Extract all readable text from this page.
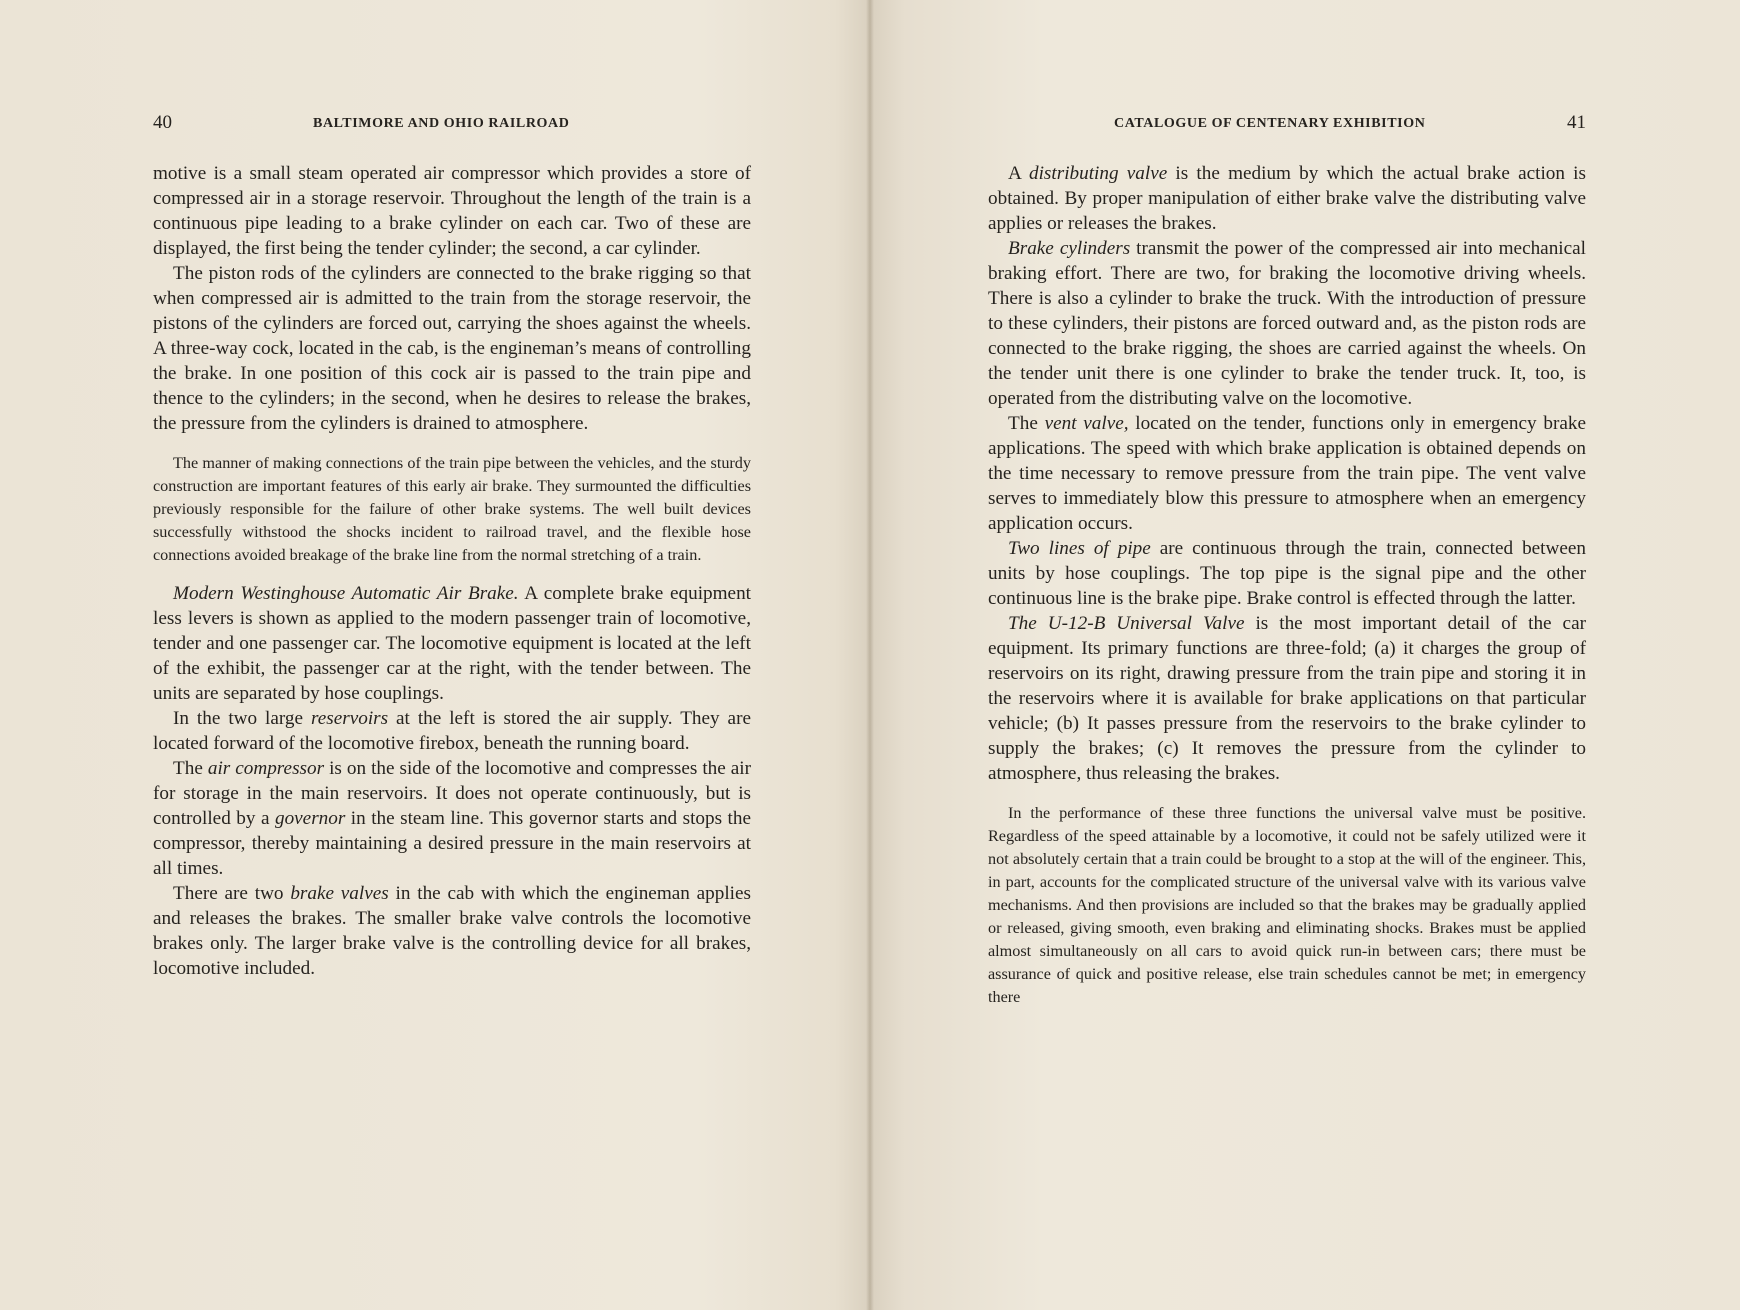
40	BALTIMORE AND OHIO RAILROAD

motive is a small steam operated air compressor which provides a store of compressed air in a storage reservoir. Throughout the length of the train is a continuous pipe leading to a brake cylinder on each car. Two of these are displayed, the first being the tender cylinder; the second, a car cylinder.

The piston rods of the cylinders are connected to the brake rigging so that when compressed air is admitted to the train from the storage reservoir, the pistons of the cylinders are forced out, carrying the shoes against the wheels. A three-way cock, located in the cab, is the engineman’s means of controlling the brake. In one position of this cock air is passed to the train pipe and thence to the cylinders; in the second, when he desires to release the brakes, the pressure from the cylinders is drained to atmosphere.

The manner of making connections of the train pipe between the vehicles, and the sturdy construction are important features of this early air brake. They surmounted the difficulties previously responsible for the failure of other brake systems. The well built devices successfully withstood the shocks incident to railroad travel, and the flexible hose connections avoided breakage of the brake line from the normal stretching of a train.

Modern Westinghouse Automatic Air Brake. A complete brake equipment less levers is shown as applied to the modern passenger train of locomotive, tender and one passenger car. The locomotive equipment is located at the left of the exhibit, the passenger car at the right, with the tender between. The units are separated by hose couplings.

In the two large reservoirs at the left is stored the air supply. They are located forward of the locomotive firebox, beneath the running board.

The air compressor is on the side of the locomotive and compresses the air for storage in the main reservoirs. It does not operate continuously, but is controlled by a governor in the steam line. This governor starts and stops the compressor, thereby maintaining a desired pressure in the main reservoirs at all times.

There are two brake valves in the cab with which the engineman applies and releases the brakes. The smaller brake valve controls the locomotive brakes only. The larger brake valve is the controlling device for all brakes, locomotive included.

CATALOGUE OF CENTENARY EXHIBITION	41

A distributing valve is the medium by which the actual brake action is obtained. By proper manipulation of either brake valve the distributing valve applies or releases the brakes.

Brake cylinders transmit the power of the compressed air into mechanical braking effort. There are two, for braking the locomotive driving wheels. There is also a cylinder to brake the truck. With the introduction of pressure to these cylinders, their pistons are forced outward and, as the piston rods are connected to the brake rigging, the shoes are carried against the wheels. On the tender unit there is one cylinder to brake the tender truck. It, too, is operated from the distributing valve on the locomotive.

The vent valve, located on the tender, functions only in emergency brake applications. The speed with which brake application is obtained depends on the time necessary to remove pressure from the train pipe. The vent valve serves to immediately blow this pressure to atmosphere when an emergency application occurs.

Two lines of pipe are continuous through the train, connected between units by hose couplings. The top pipe is the signal pipe and the other continuous line is the brake pipe. Brake control is effected through the latter.

The U-12-B Universal Valve is the most important detail of the car equipment. Its primary functions are three-fold; (a) it charges the group of reservoirs on its right, drawing pressure from the train pipe and storing it in the reservoirs where it is available for brake applications on that particular vehicle; (b) It passes pressure from the reservoirs to the brake cylinder to supply the brakes; (c) It removes the pressure from the cylinder to atmosphere, thus releasing the brakes.

In the performance of these three functions the universal valve must be positive. Regardless of the speed attainable by a locomotive, it could not be safely utilized were it not absolutely certain that a train could be brought to a stop at the will of the engineer. This, in part, accounts for the complicated structure of the universal valve with its various valve mechanisms. And then provisions are included so that the brakes may be gradually applied or released, giving smooth, even braking and eliminating shocks. Brakes must be applied almost simultaneously on all cars to avoid quick run-in between cars; there must be assurance of quick and positive release, else train schedules cannot be met; in emergency there
